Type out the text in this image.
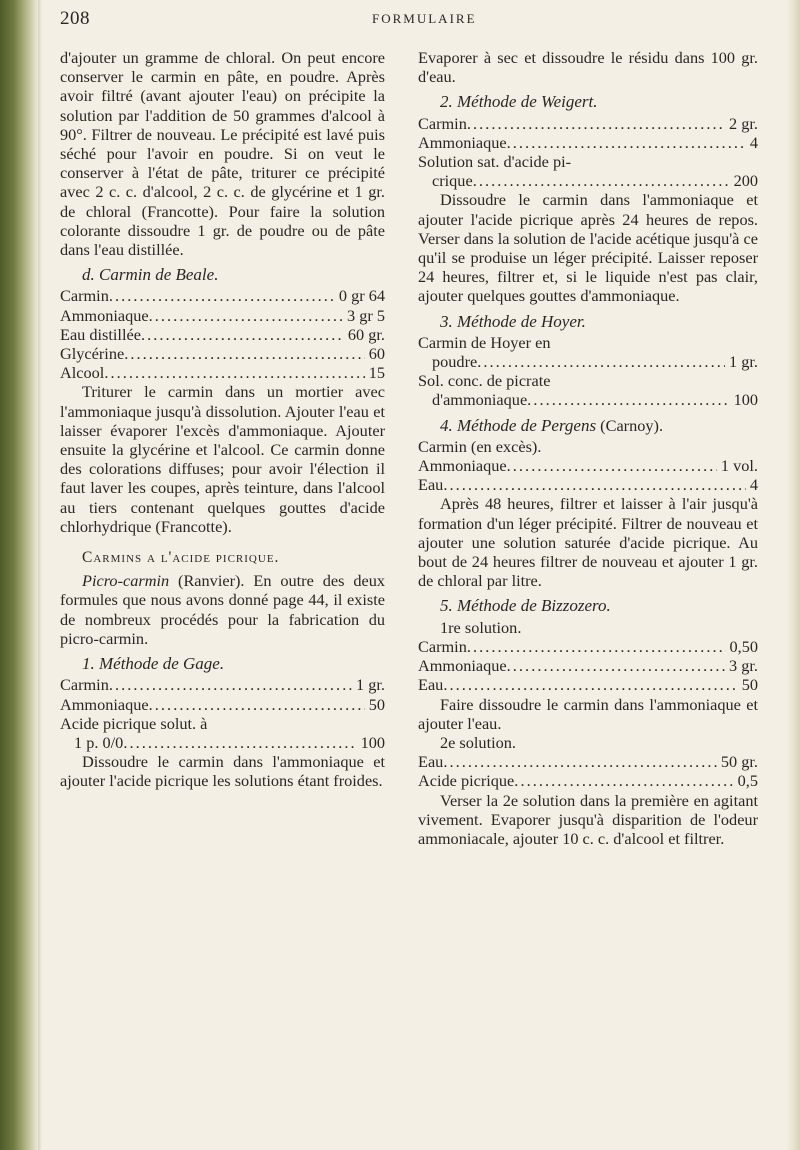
208	FORMULAIRE

d'ajouter un gramme de chloral. On peut encore conserver le carmin en pâte, en poudre. Après avoir filtré (avant ajouter l'eau) on précipite la solution par l'addition de 50 grammes d'alcool à 90°. Filtrer de nouveau. Le précipité est lavé puis séché pour l'avoir en poudre. Si on veut le conserver à l'état de pâte, triturer ce précipité avec 2 c. c. d'alcool, 2 c. c. de glycérine et 1 gr. de chloral (Francotte). Pour faire la solution colorante dissoudre 1 gr. de poudre ou de pâte dans l'eau distillée.

d. Carmin de Beale.

Carmin . . .	0 gr 64
Ammoniaque . . .	3 gr 5
Eau distillée . . .	60 gr.
Glycérine . . .	60
Alcool . . .	15

Triturer le carmin dans un mortier avec l'ammoniaque jusqu'à dissolution. Ajouter l'eau et laisser évaporer l'excès d'ammoniaque. Ajouter ensuite la glycérine et l'alcool. Ce carmin donne des colorations diffuses; pour avoir l'élection il faut laver les coupes, après teinture, dans l'alcool au tiers contenant quelques gouttes d'acide chlorhydrique (Francotte).

Carmins a l'acide picrique.

Picro-carmin (Ranvier). En outre des deux formules que nous avons donné page 44, il existe de nombreux procédés pour la fabrication du picro-carmin.

1. Méthode de Gage.

Carmin . . .	1 gr.
Ammoniaque . . .	50
Acide picrique solut. à
1 p. 0/0 . . .	100

Dissoudre le carmin dans l'ammoniaque et ajouter l'acide picrique les solutions étant froides.

Evaporer à sec et dissoudre le résidu dans 100 gr. d'eau.

2. Méthode de Weigert.

Carmin . . .	2 gr.
Ammoniaque . . .	4
Solution sat. d'acide pi-
crique . . .	200

Dissoudre le carmin dans l'ammoniaque et ajouter l'acide picrique après 24 heures de repos. Verser dans la solution de l'acide acétique jusqu'à ce qu'il se produise un léger précipité. Laisser reposer 24 heures, filtrer et, si le liquide n'est pas clair, ajouter quelques gouttes d'ammoniaque.

3. Méthode de Hoyer.

Carmin de Hoyer en
poudre . . .	1 gr.
Sol. conc. de picrate
d'ammoniaque . . .	100

4. Méthode de Pergens (Carnoy).

Carmin (en excès).
Ammoniaque . . .	1 vol.
Eau . . .	4

Après 48 heures, filtrer et laisser à l'air jusqu'à formation d'un léger précipité. Filtrer de nouveau et ajouter une solution saturée d'acide picrique. Au bout de 24 heures filtrer de nouveau et ajouter 1 gr. de chloral par litre.

5. Méthode de Bizzozero.

1re solution.

Carmin . . .	0,50
Ammoniaque . . .	3 gr.
Eau . . .	50

Faire dissoudre le carmin dans l'ammoniaque et ajouter l'eau.

2e solution.

Eau . . .	50 gr.
Acide picrique . . .	0,5

Verser la 2e solution dans la première en agitant vivement. Evaporer jusqu'à disparition de l'odeur ammoniacale, ajouter 10 c. c. d'alcool et filtrer.
